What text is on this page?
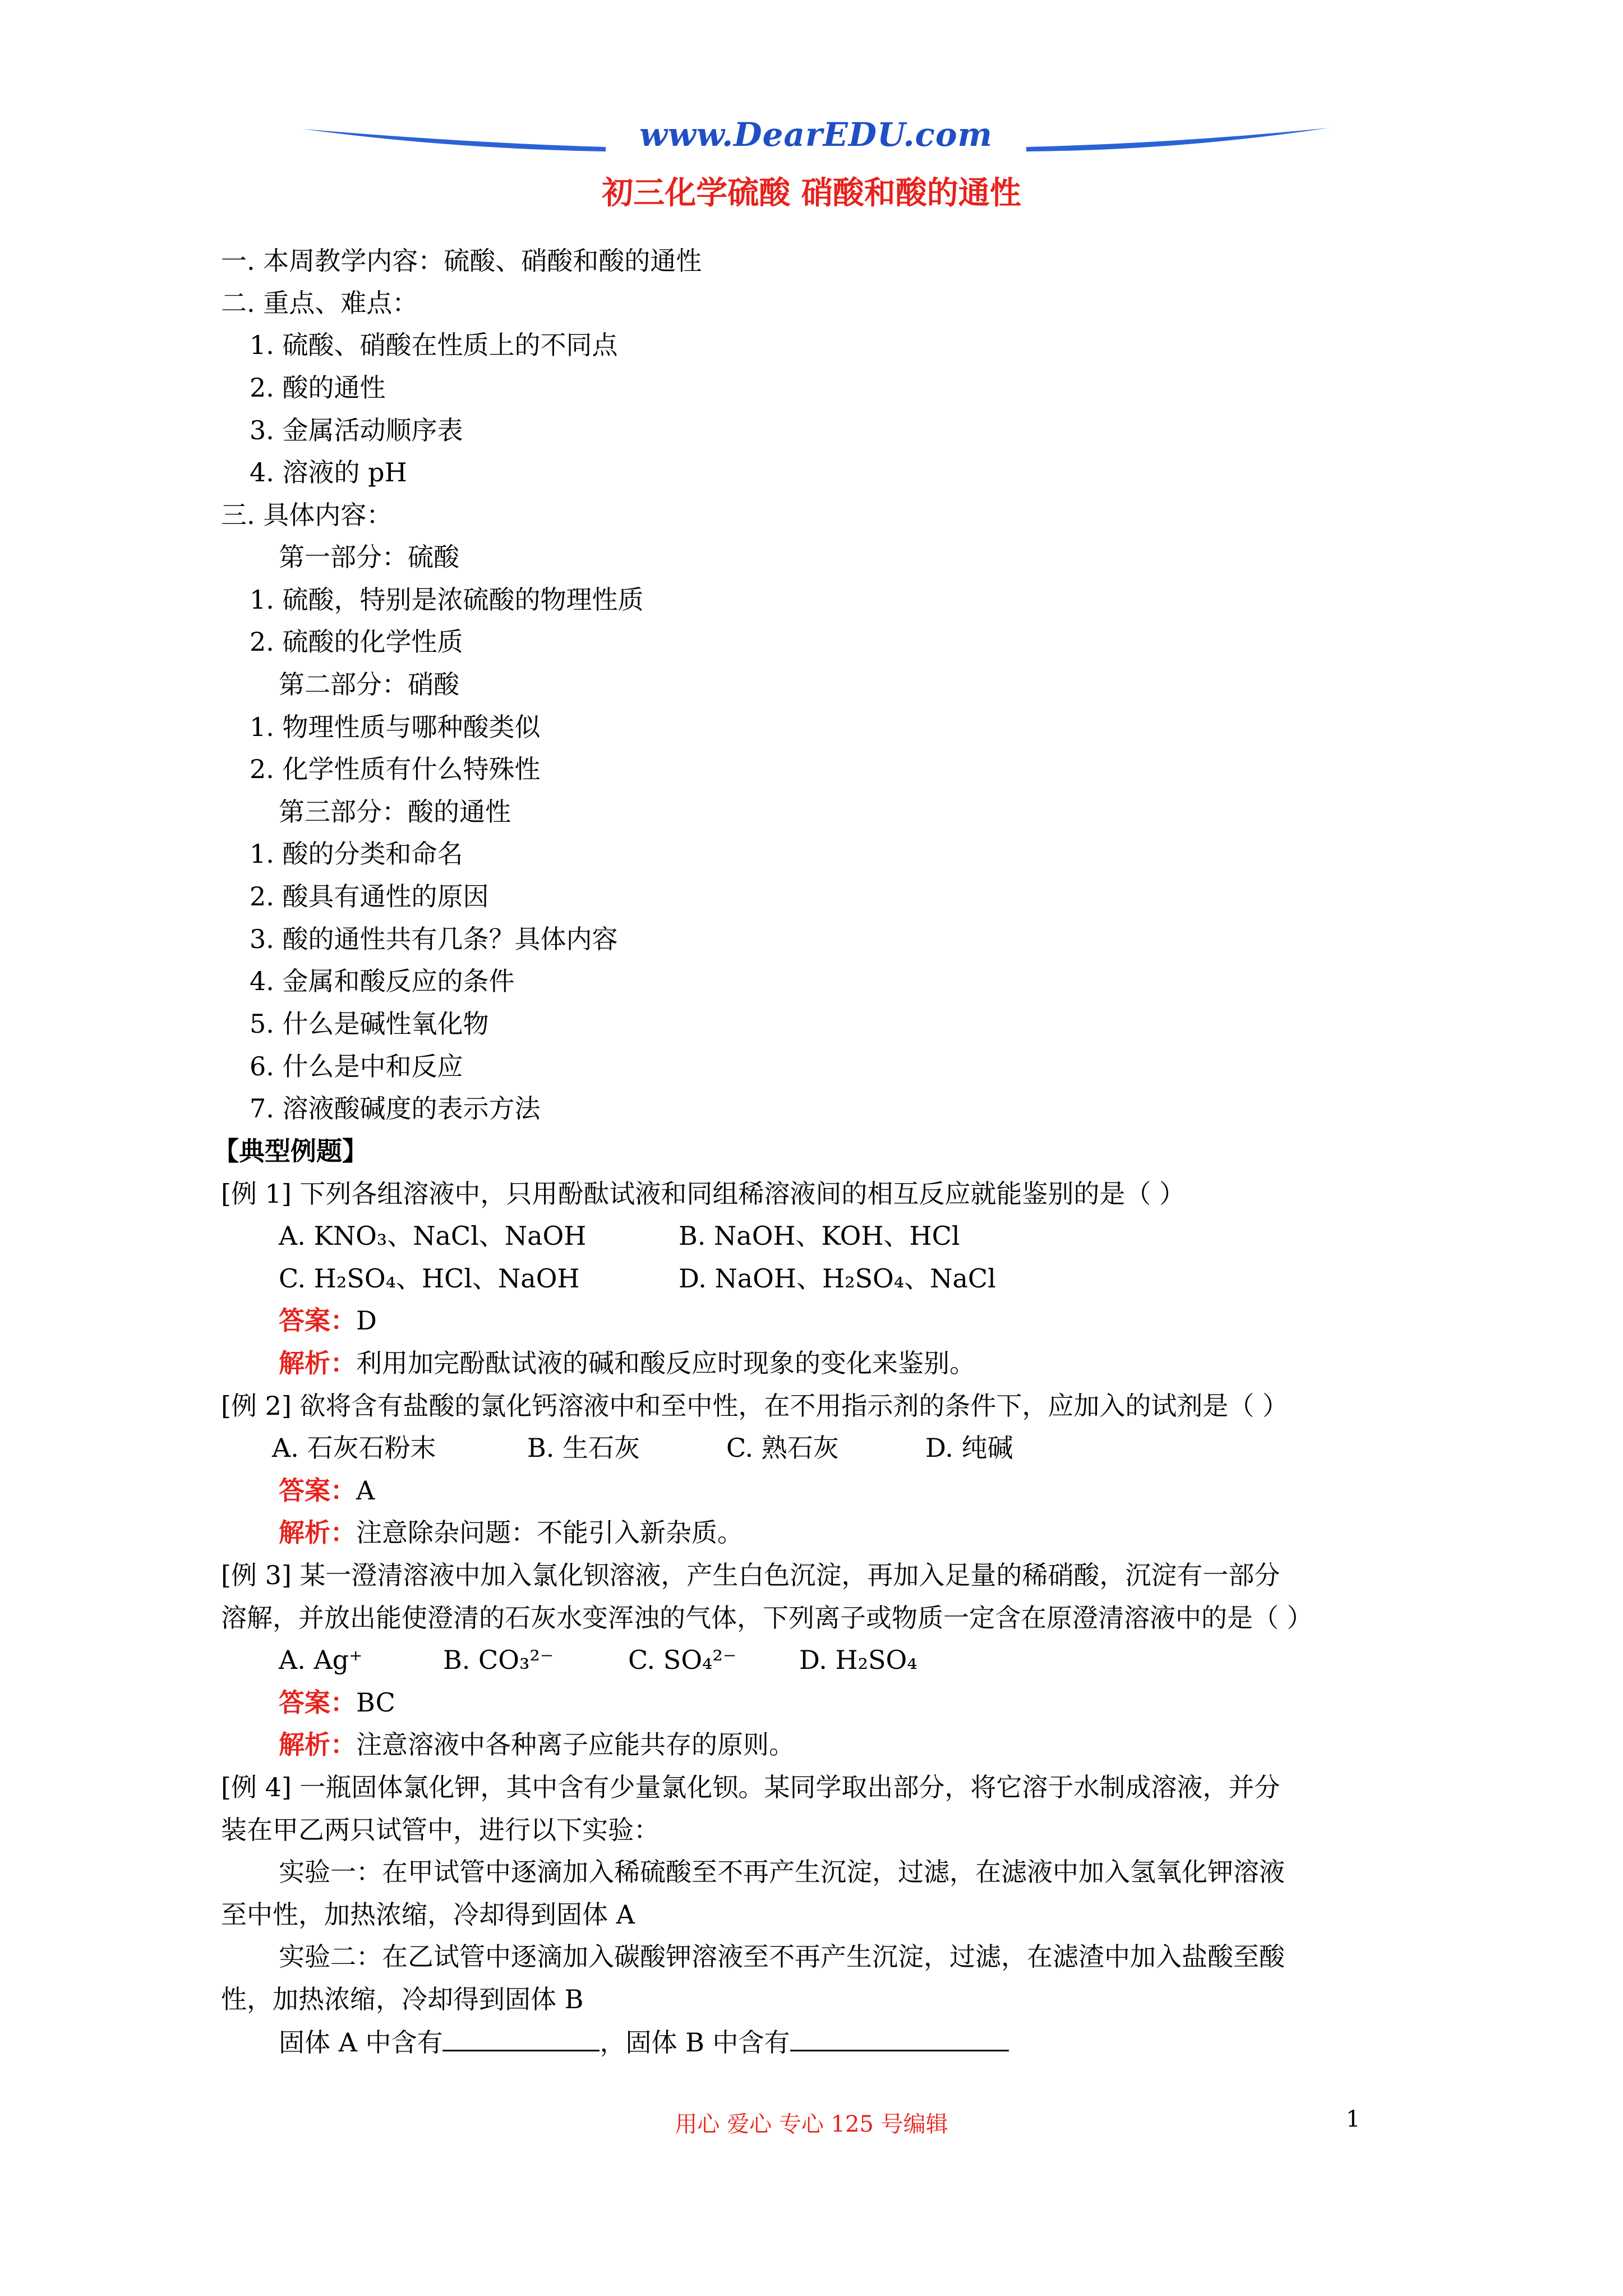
www.DearEDU.com
初三化学硫酸 硝酸和酸的通性
一. 本周教学内容：硫酸、硝酸和酸的通性
二. 重点、难点：
1. 硫酸、硝酸在性质上的不同点
2. 酸的通性
3. 金属活动顺序表
4. 溶液的 pH
三. 具体内容：
第一部分：硫酸
1. 硫酸，特别是浓硫酸的物理性质
2. 硫酸的化学性质
第二部分：硝酸
1. 物理性质与哪种酸类似
2. 化学性质有什么特殊性
第三部分：酸的通性
1. 酸的分类和命名
2. 酸具有通性的原因
3. 酸的通性共有几条？具体内容
4. 金属和酸反应的条件
5. 什么是碱性氧化物
6. 什么是中和反应
7. 溶液酸碱度的表示方法
【典型例题】
[例 1] 下列各组溶液中，只用酚酞试液和同组稀溶液间的相互反应就能鉴别的是（ ）
A. KNO₃、NaCl、NaOH	B. NaOH、KOH、HCl
C. H₂SO₄、HCl、NaOH	D. NaOH、H₂SO₄、NaCl
答案：D
解析：利用加完酚酞试液的碱和酸反应时现象的变化来鉴别。
[例 2] 欲将含有盐酸的氯化钙溶液中和至中性，在不用指示剂的条件下，应加入的试剂是（ ）
A. 石灰石粉末	B. 生石灰	C. 熟石灰	D. 纯碱
答案：A
解析：注意除杂问题：不能引入新杂质。
[例 3] 某一澄清溶液中加入氯化钡溶液，产生白色沉淀，再加入足量的稀硝酸，沉淀有一部分
溶解，并放出能使澄清的石灰水变浑浊的气体，下列离子或物质一定含在原澄清溶液中的是（ ）
A. Ag⁺	B. CO₃²⁻	C. SO₄²⁻ D. H₂SO₄
答案：BC
解析：注意溶液中各种离子应能共存的原则。
[例 4] 一瓶固体氯化钾，其中含有少量氯化钡。某同学取出部分，将它溶于水制成溶液，并分
装在甲乙两只试管中，进行以下实验：
实验一：在甲试管中逐滴加入稀硫酸至不再产生沉淀，过滤，在滤液中加入氢氧化钾溶液
至中性，加热浓缩，冷却得到固体 A
实验二：在乙试管中逐滴加入碳酸钾溶液至不再产生沉淀，过滤，在滤渣中加入盐酸至酸
性，加热浓缩，冷却得到固体 B
固体 A 中含有	，固体 B 中含有
用心 爱心 专心 125 号编辑	1
